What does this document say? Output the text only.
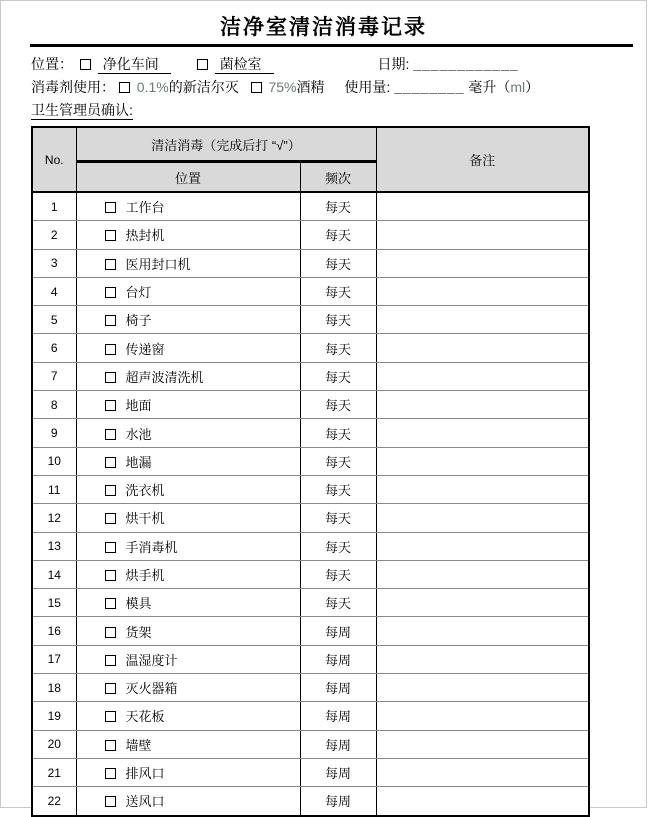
洁净室清洁消毒记录
位置： 净化车间	菌检室	日期: ____________
消毒剂使用： 0.1%的新洁尔灭 75%酒精 使用量: ________ 毫升（ml）
卫生管理员确认:
No.	清洁消毒（完成后打 “√”）		备注
	位置	频次	
1	工作台	每天	
2	热封机	每天	
3	医用封口机	每天	
4	台灯	每天	
5	椅子	每天	
6	传递窗	每天	
7	超声波清洗机	每天	
8	地面	每天	
9	水池	每天	
10	地漏	每天	
11	洗衣机	每天	
12	烘干机	每天	
13	手消毒机	每天	
14	烘手机	每天	
15	模具	每天	
16	货架	每周	
17	温湿度计	每周	
18	灭火器箱	每周	
19	天花板	每周	
20	墙壁	每周	
21	排风口	每周	
22	送风口	每周	
